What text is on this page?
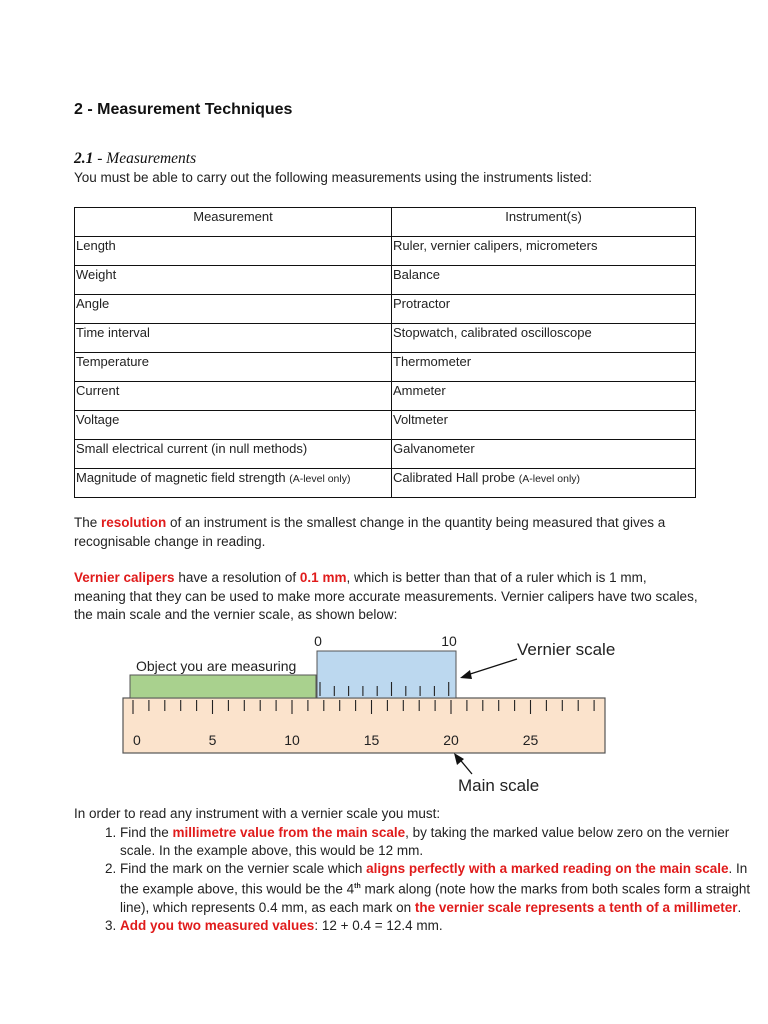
2 - Measurement Techniques

2.1 - Measurements

You must be able to carry out the following measurements using the instruments listed:

Measurement	Instrument(s)
Length	Ruler, vernier calipers, micrometers
Weight	Balance
Angle	Protractor
Time interval	Stopwatch, calibrated oscilloscope
Temperature	Thermometer
Current	Ammeter
Voltage	Voltmeter
Small electrical current (in null methods)	Galvanometer
Magnitude of magnetic field strength (A-level only)	Calibrated Hall probe (A-level only)

The resolution of an instrument is the smallest change in the quantity being measured that gives a recognisable change in reading.

Vernier calipers have a resolution of 0.1 mm, which is better than that of a ruler which is 1 mm, meaning that they can be used to make more accurate measurements. Vernier calipers have two scales, the main scale and the vernier scale, as shown below:

0	5	10	15	20	25
Object you are measuring
0	10	Vernier scale
Main scale

In order to read any instrument with a vernier scale you must:

1. Find the millimetre value from the main scale, by taking the marked value below zero on the vernier scale. In the example above, this would be 12 mm.
2. Find the mark on the vernier scale which aligns perfectly with a marked reading on the main scale. In the example above, this would be the 4th mark along (note how the marks from both scales form a straight line), which represents 0.4 mm, as each mark on the vernier scale represents a tenth of a millimeter.
3. Add you two measured values: 12 + 0.4 = 12.4 mm.
